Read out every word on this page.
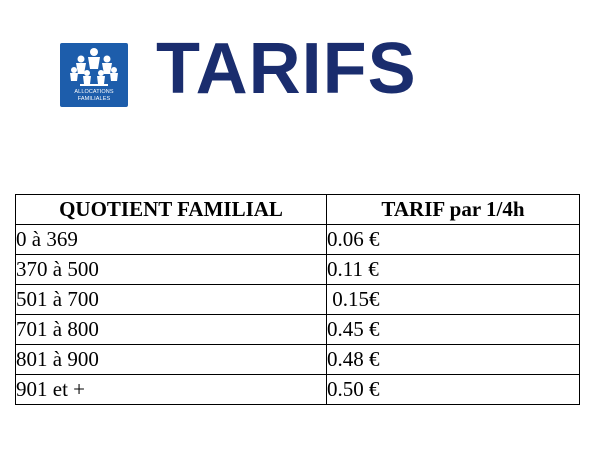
ALLOCATIONS
FAMILIALES TARIFS
QUOTIENT FAMILIAL	TARIF par 1/4h
0 à 369	0.06 €
370 à 500	0.11 €
501 à 700	0.15€
701 à 800	0.45 €
801 à 900	0.48 €
901 et +	0.50 €
